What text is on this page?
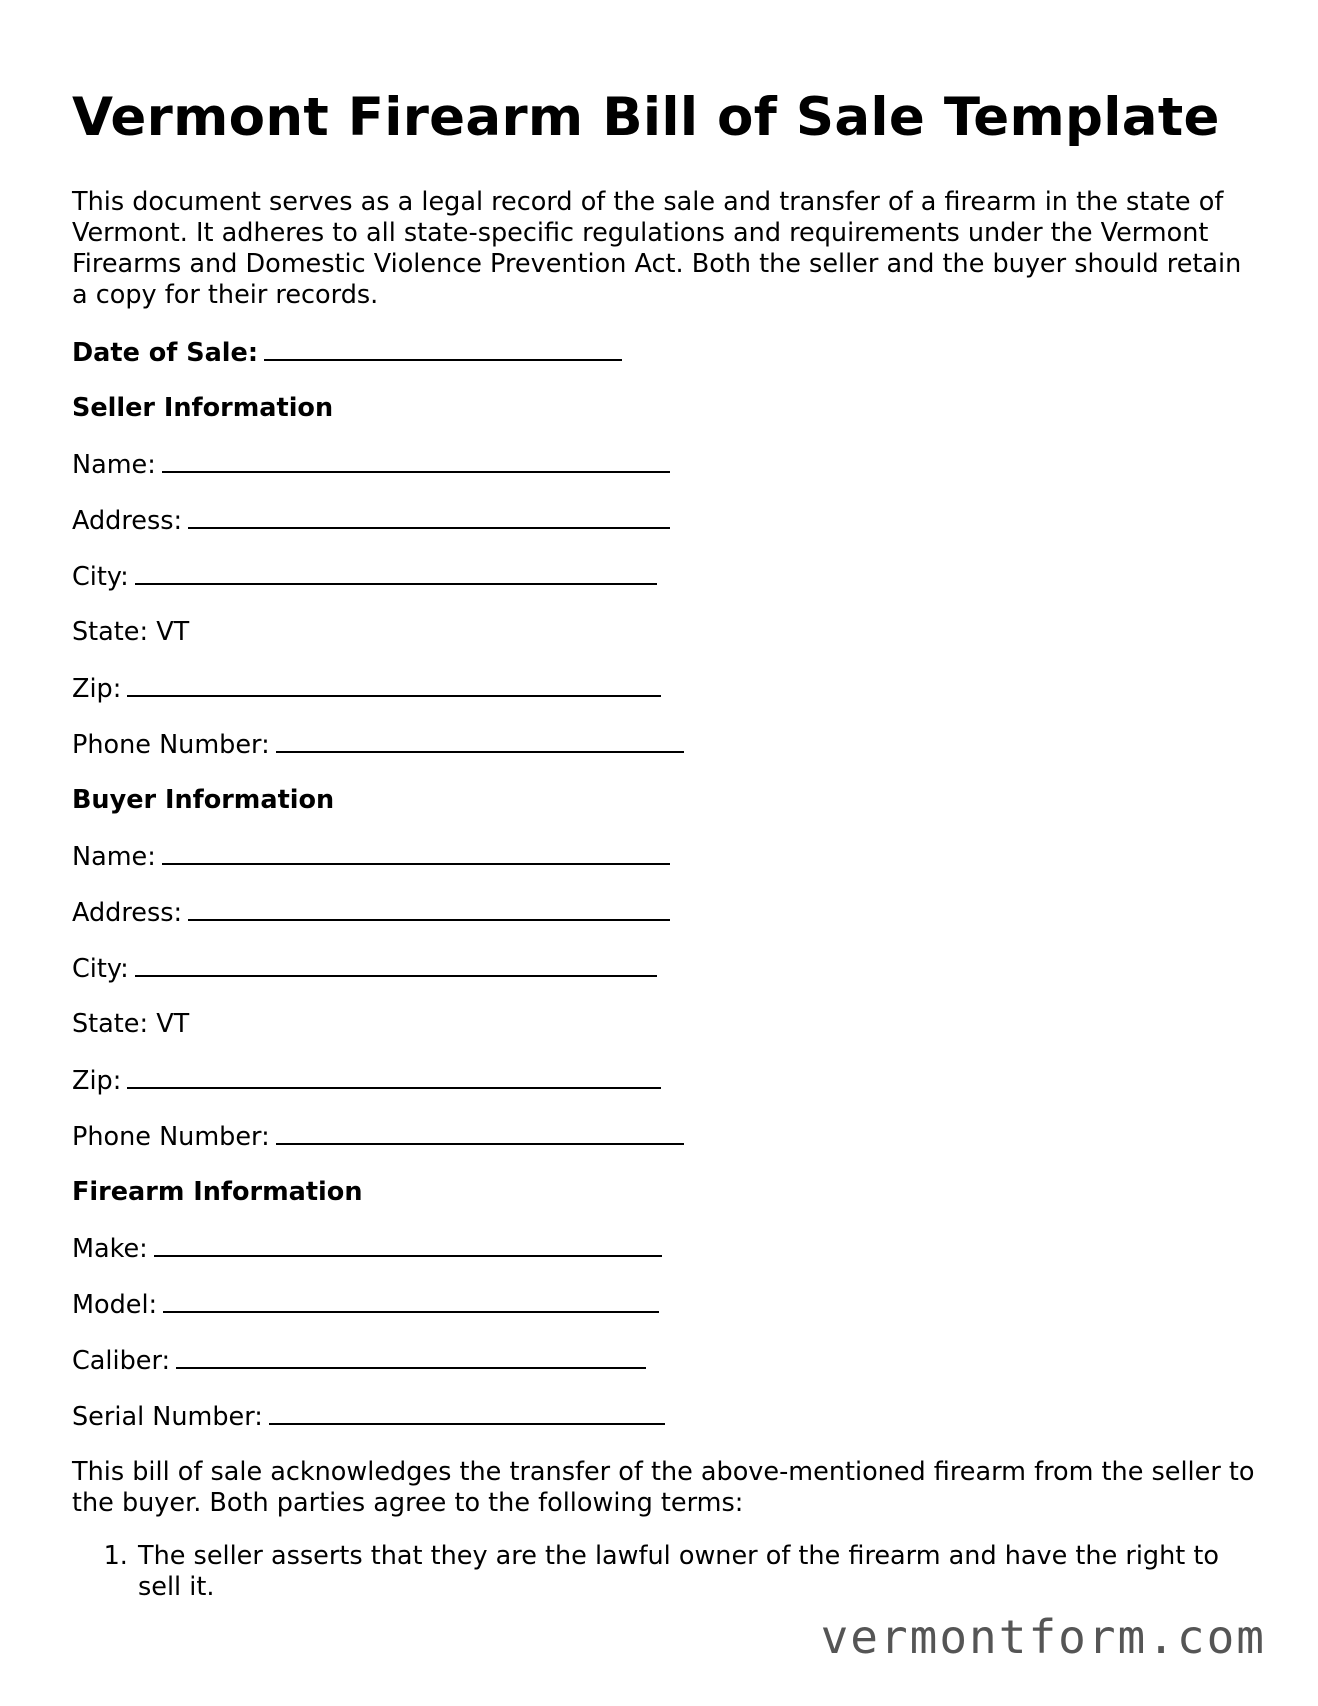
Vermont Firearm Bill of Sale Template

This document serves as a legal record of the sale and transfer of a firearm in the state of Vermont. It adheres to all state-specific regulations and requirements under the Vermont Firearms and Domestic Violence Prevention Act. Both the seller and the buyer should retain a copy for their records.

Date of Sale:
Seller Information
Name:
Address:
City:
State: VT
Zip:
Phone Number:
Buyer Information
Name:
Address:
City:
State: VT
Zip:
Phone Number:
Firearm Information
Make:
Model:
Caliber:
Serial Number:

This bill of sale acknowledges the transfer of the above-mentioned firearm from the seller to the buyer. Both parties agree to the following terms:

1. The seller asserts that they are the lawful owner of the firearm and have the right to sell it.
vermontform.com
